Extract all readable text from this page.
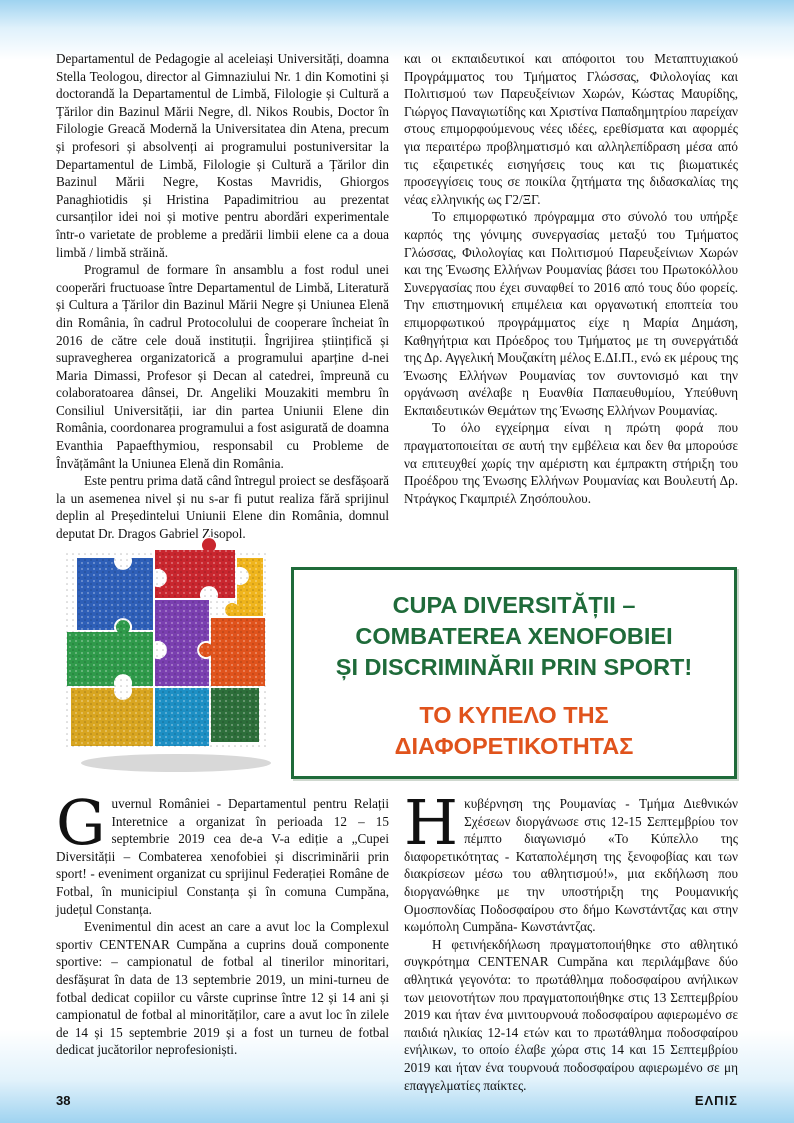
Departamentul de Pedagogie al aceleiași Universități, doamna Stella Teologou, director al Gimnaziului Nr. 1 din Komotini și doctorandă la Departamentul de Limbă, Filologie și Cultură a Țărilor din Bazinul Mării Negre, dl. Nikos Roubis, Doctor în Filologie Greacă Modernă la Universitatea din Atena, precum și profesori și absolvenți ai programului postuniversitar la Departamentul de Limbă, Filologie și Cultură a Țărilor din Bazinul Mării Negre, Kostas Mavridis, Ghiorgos Panaghiotidis și Hristina Papadimitriou au prezentat cursanților idei noi și motive pentru abordări experimentale într-o varietate de probleme a predării limbii elene ca a doua limbă / limbă străină.

Programul de formare în ansamblu a fost rodul unei cooperări fructuoase între Departamentul de Limbă, Literatură și Cultura a Țărilor din Bazinul Mării Negre și Uniunea Elenă din România, în cadrul Protocolului de cooperare încheiat în 2016 de către cele două instituții. Îngrijirea științifică și supravegherea organizatorică a programului aparține d-nei Maria Dimassi, Profesor și Decan al catedrei, împreună cu colaboratoarea dânsei, Dr. Angeliki Mouzakiti membru în Consiliul Universității, iar din partea Uniunii Elene din România, coordonarea programului a fost asigurată de doamna Evanthia Papaefthymiou, responsabil cu Probleme de Învățământ la Uniunea Elenă din România.

Este pentru prima dată când întregul proiect se desfășoară la un asemenea nivel și nu s-ar fi putut realiza fără sprijinul deplin al Președintelui Uniunii Elene din România, domnul deputat Dr. Dragos Gabriel Zisopol.

και οι εκπαιδευτικοί και απόφοιτοι του Μεταπτυχιακού Προγράμματος του Τμήματος Γλώσσας, Φιλολογίας και Πολιτισμού των Παρευξείνιων Χωρών, Κώστας Μαυρίδης, Γιώργος Παναγιωτίδης και Χριστίνα Παπαδημητρίου παρείχαν στους επιμορφούμενους νέες ιδέες, ερεθίσματα και αφορμές για περαιτέρω προβληματισμό και αλληλεπίδραση μέσα από τις εξαιρετικές εισηγήσεις τους και τις βιωματικές προσεγγίσεις τους σε ποικίλα ζητήματα της διδασκαλίας της νέας ελληνικής ως Γ2/ΞΓ.

Το επιμορφωτικό πρόγραμμα στο σύνολό του υπήρξε καρπός της γόνιμης συνεργασίας μεταξύ του Τμήματος Γλώσσας, Φιλολογίας και Πολιτισμού Παρευξείνιων Χωρών και της Ένωσης Ελλήνων Ρουμανίας βάσει του Πρωτοκόλλου Συνεργασίας που έχει συναφθεί το 2016 από τους δύο φορείς. Την επιστημονική επιμέλεια και οργανωτική εποπτεία του επιμορφωτικού προγράμματος είχε η Μαρία Δημάση, Καθηγήτρια και Πρόεδρος του Τμήματος με τη συνεργάτιδά της Δρ. Αγγελική Μουζακίτη μέλος Ε.ΔΙ.Π., ενώ εκ μέρους της Ένωσης Ελλήνων Ρουμανίας τον συντονισμό και την οργάνωση ανέλαβε η Ευανθία Παπαευθυμίου, Υπεύθυνη Εκπαιδευτικών Θεμάτων της Ένωσης Ελλήνων Ρουμανίας.

Το όλο εγχείρημα είναι η πρώτη φορά που πραγματοποιείται σε αυτή την εμβέλεια και δεν θα μπορούσε να επιτευχθεί χωρίς την αμέριστη και έμπρακτη στήριξη του Προέδρου της Ένωσης Ελλήνων Ρουμανίας και Βουλευτή Δρ. Ντράγκος Γκαμπριέλ Ζησόπουλου.

CUPA DIVERSITĂȚII –
COMBATEREA XENOFOBIEI
ȘI DISCRIMINĂRII PRIN SPORT!
ΤΟ ΚΥΠΕΛΟ ΤΗΣ
ΔΙΑΦΟΡΕΤΙΚΟΤΗΤΑΣ

Guvernul României - Departamentul pentru Relații Interetnice a organizat în perioada 12 – 15 septembrie 2019 cea de-a V-a ediție a „Cupei Diversității – Combaterea xenofobiei și discriminării prin sport! - eveniment organizat cu sprijinul Federației Române de Fotbal, în municipiul Constanța și în comuna Cumpăna, județul Constanța.

Evenimentul din acest an care a avut loc la Complexul sportiv CENTENAR Cumpăna a cuprins două componente sportive: – campionatul de fotbal al tinerilor minoritari, desfășurat în data de 13 septembrie 2019, un mini-turneu de fotbal dedicat copiilor cu vârste cuprinse între 12 și 14 ani și campionatul de fotbal al minorităților, care a avut loc în zilele de 14 și 15 septembrie 2019 și a fost un turneu de fotbal dedicat jucătorilor neprofesioniști.

Ηκυβέρνηση της Ρουμανίας - Τμήμα Διεθνικών Σχέσεων διοργάνωσε στις 12-15 Σεπτεμβρίου τον πέμπτο διαγωνισμό «Το Κύπελλο της διαφορετικότητας - Καταπολέμηση της ξενοφοβίας και των διακρίσεων μέσω του αθλητισμού!», μια εκδήλωση που διοργανώθηκε με την υποστήριξη της Ρουμανικής Ομοσπονδίας Ποδοσφαίρου στο δήμο Κωνστάντζας και στην κωμόπολη Cumpăna- Κωνστάντζας.

Η φετινήεκδήλωση πραγματοποιήθηκε στο αθλητικό συγκρότημα CENTENAR Cumpăna και περιλάμβανε δύο αθλητικά γεγονότα: το πρωτάθλημα ποδοσφαίρου ανήλικων των μειονοτήτων που πραγματοποιήθηκε στις 13 Σεπτεμβρίου 2019 και ήταν ένα μινιτουρνουά ποδοσφαίρου αφιερωμένο σε παιδιά ηλικίας 12-14 ετών και το πρωτάθλημα ποδοσφαίρου ενήλικων, το οποίο έλαβε χώρα στις 14 και 15 Σεπτεμβρίου 2019 και ήταν ένα τουρνουά ποδοσφαίρου αφιερωμένο σε μη επαγγελματίες παίκτες.

38	ΕΛΠΙΣ
